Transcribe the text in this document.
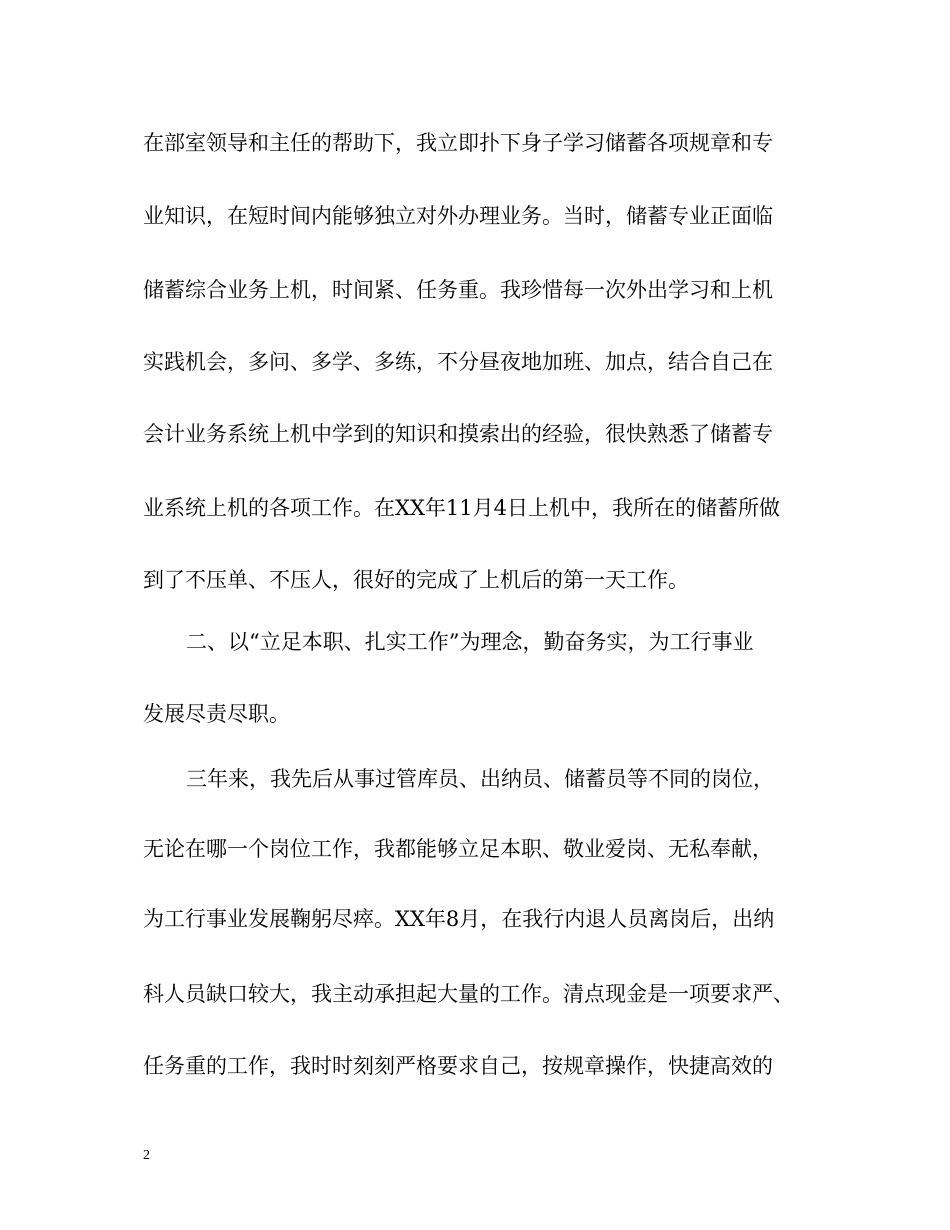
在部室领导和主任的帮助下，我立即扑下身子学习储蓄各项规章和专
业知识，在短时间内能够独立对外办理业务。当时，储蓄专业正面临
储蓄综合业务上机，时间紧、任务重。我珍惜每一次外出学习和上机
实践机会，多问、多学、多练，不分昼夜地加班、加点，结合自己在
会计业务系统上机中学到的知识和摸索出的经验，很快熟悉了储蓄专
业系统上机的各项工作。在XX年11月4日上机中，我所在的储蓄所做
到了不压单、不压人，很好的完成了上机后的第一天工作。
二、以“立足本职、扎实工作”为理念，勤奋务实，为工行事业
发展尽责尽职。
三年来，我先后从事过管库员、出纳员、储蓄员等不同的岗位，
无论在哪一个岗位工作，我都能够立足本职、敬业爱岗、无私奉献，
为工行事业发展鞠躬尽瘁。XX年8月，在我行内退人员离岗后，出纳
科人员缺口较大，我主动承担起大量的工作。清点现金是一项要求严、
任务重的工作，我时时刻刻严格要求自己，按规章操作，快捷高效的
2
